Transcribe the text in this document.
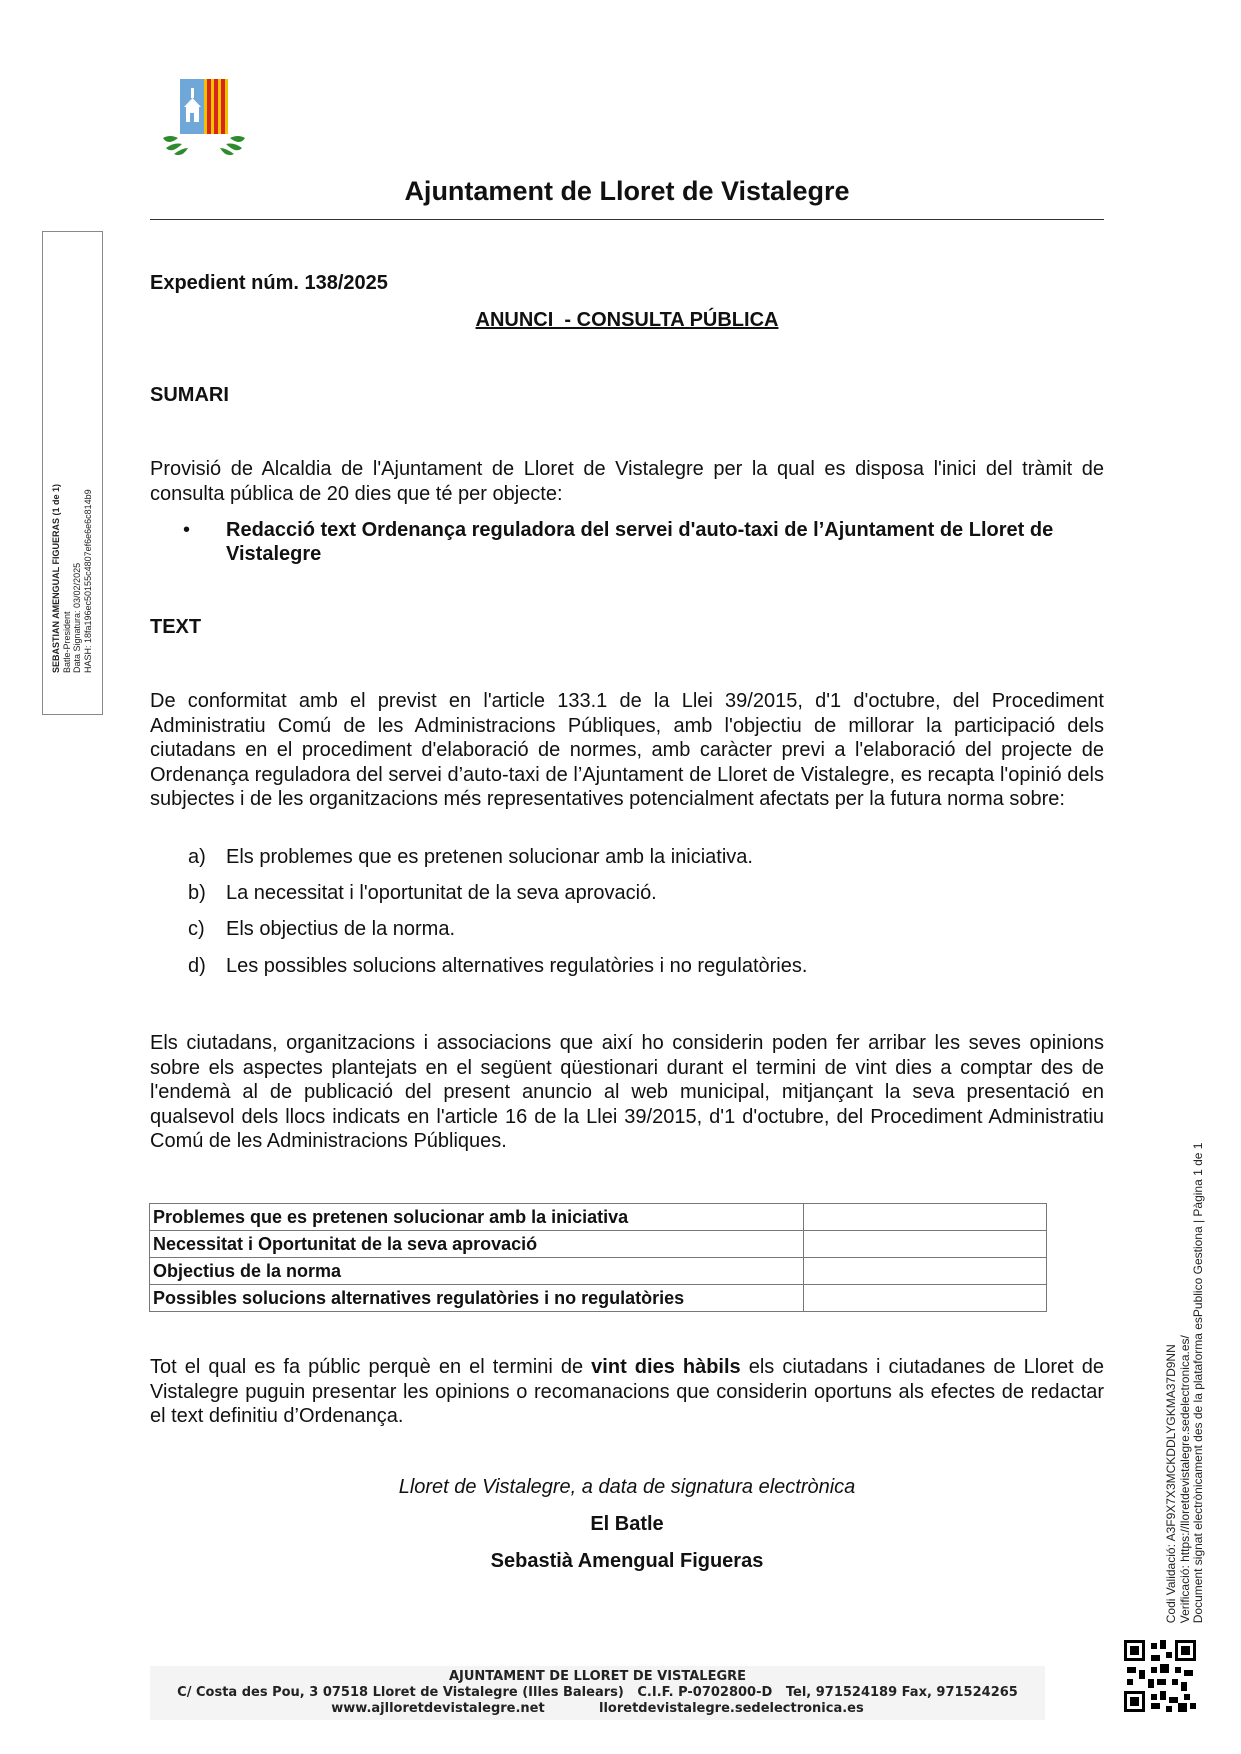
Ajuntament de Lloret de Vistalegre
SEBASTIAN AMENGUAL FIGUERAS (1 de 1) Batle-President Data Signatura: 03/02/2025 HASH: 18fa196ec50155c4807ef6e6e6c814b9
Expedient núm. 138/2025
ANUNCI  - CONSULTA PÚBLICA
SUMARI
Provisió de Alcaldia de l'Ajuntament de Lloret de Vistalegre per la qual es disposa l'inici del tràmit de consulta pública de 20 dies que té per objecte:
• Redacció text Ordenança reguladora del servei d'auto-taxi de l’Ajuntament de Lloret de Vistalegre
TEXT
De conformitat amb el previst en l'article 133.1 de la Llei 39/2015, d'1 d'octubre, del Procediment Administratiu Comú de les Administracions Públiques, amb l'objectiu de millorar la participació dels ciutadans en el procediment d'elaboració de normes, amb caràcter previ a l'elaboració del projecte de Ordenança reguladora del servei d’auto-taxi de l’Ajuntament de Lloret de Vistalegre, es recapta l'opinió dels subjectes i de les organitzacions més representatives potencialment afectats per la futura norma sobre:
a) Els problemes que es pretenen solucionar amb la iniciativa.
b) La necessitat i l'oportunitat de la seva aprovació.
c) Els objectius de la norma.
d) Les possibles solucions alternatives regulatòries i no regulatòries.
Els ciutadans, organitzacions i associacions que així ho considerin poden fer arribar les seves opinions sobre els aspectes plantejats en el següent qüestionari durant el termini de vint dies a comptar des de l'endemà al de publicació del present anuncio al web municipal, mitjançant la seva presentació en qualsevol dels llocs indicats en l'article 16 de la Llei 39/2015, d'1 d'octubre, del Procediment Administratiu Comú de les Administracions Públiques.
Problemes que es pretenen solucionar amb la iniciativa	
Necessitat i Oportunitat de la seva aprovació	
Objectius de la norma	
Possibles solucions alternatives regulatòries i no regulatòries	
Tot el qual es fa públic perquè en el termini de vint dies hàbils els ciutadans i ciutadanes de Lloret de Vistalegre puguin presentar les opinions o recomanacions que considerin oportuns als efectes de redactar el text definitiu d’Ordenança.
Lloret de Vistalegre, a data de signatura electrònica
El Batle
Sebastià Amengual Figueras
AJUNTAMENT DE LLORET DE VISTALEGRE
C/ Costa des Pou, 3 07518 Lloret de Vistalegre (Illes Balears)   C.I.F. P-0702800-D   Tel, 971524189 Fax, 971524265
www.ajlloretdevistalegre.net            lloretdevistalegre.sedelectronica.es
Codi Validació: A3F9X7X3MCKDDLYGKMA37D9NN Verificació: https://lloretdevistalegre.sedelectronica.es/ Document signat electrònicament des de la plataforma esPublico Gestiona | Pàgina 1 de 1
